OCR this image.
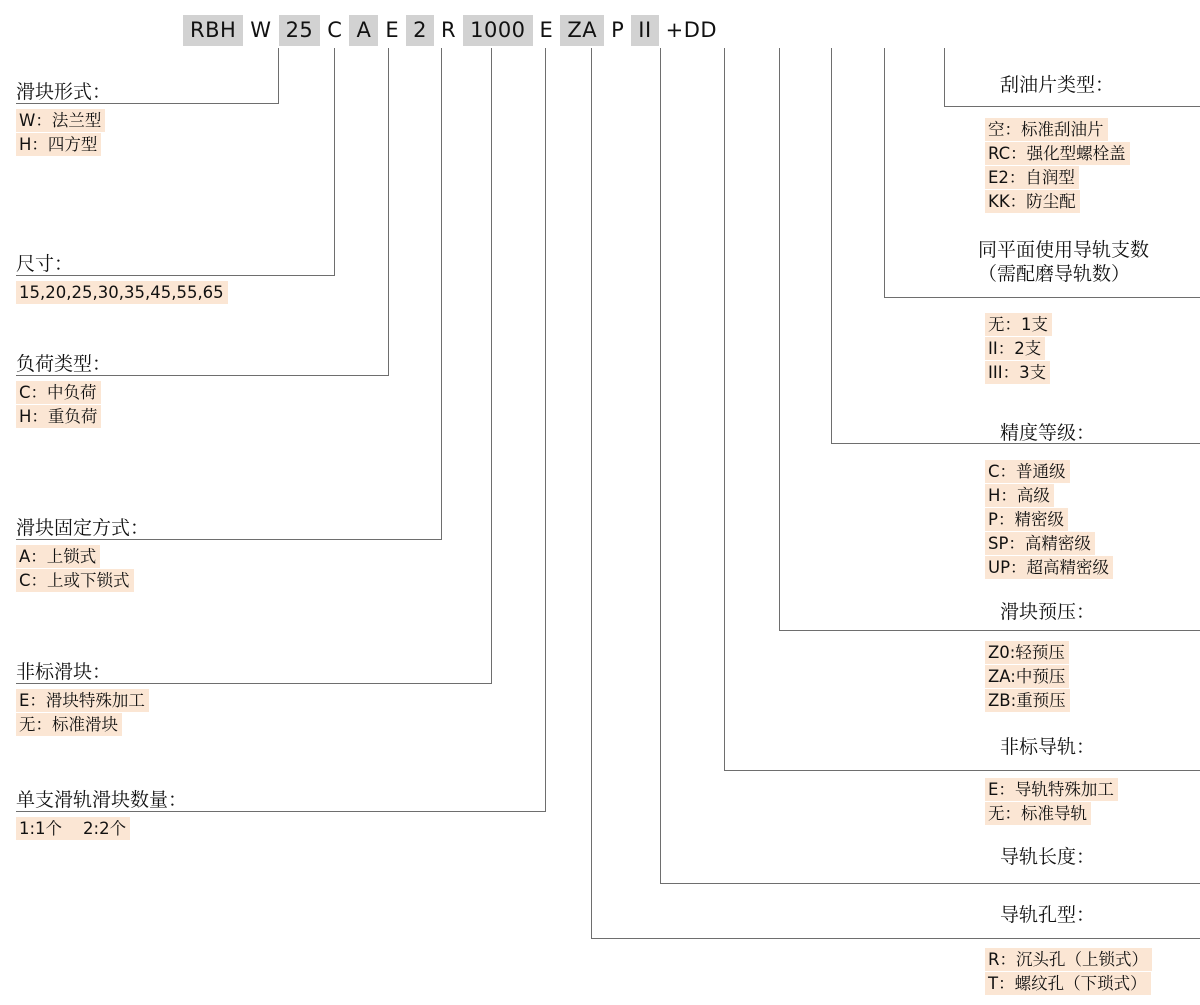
RBH W 25 C A E 2 R 1000 E ZA P II +DD
滑块形式：
W：法兰型
H：四方型
尺寸：
15,20,25,30,35,45,55,65
负荷类型：
C：中负荷
H：重负荷
滑块固定方式：
A：上锁式
C：上或下锁式
非标滑块：
E：滑块特殊加工
无：标准滑块
单支滑轨滑块数量：
1:1个    2:2个
刮油片类型：
空：标准刮油片
RC：强化型螺栓盖
E2：自润型
KK：防尘配
同平面使用导轨支数
（需配磨导轨数）
无：1支
II：2支
III：3支
精度等级：
C：普通级
H：高级
P：精密级
SP：高精密级
UP：超高精密级
滑块预压：
Z0:轻预压
ZA:中预压
ZB:重预压
非标导轨：
E：导轨特殊加工
无：标准导轨
导轨长度：
导轨孔型：
R：沉头孔（上锁式）
T：螺纹孔（下琐式）
